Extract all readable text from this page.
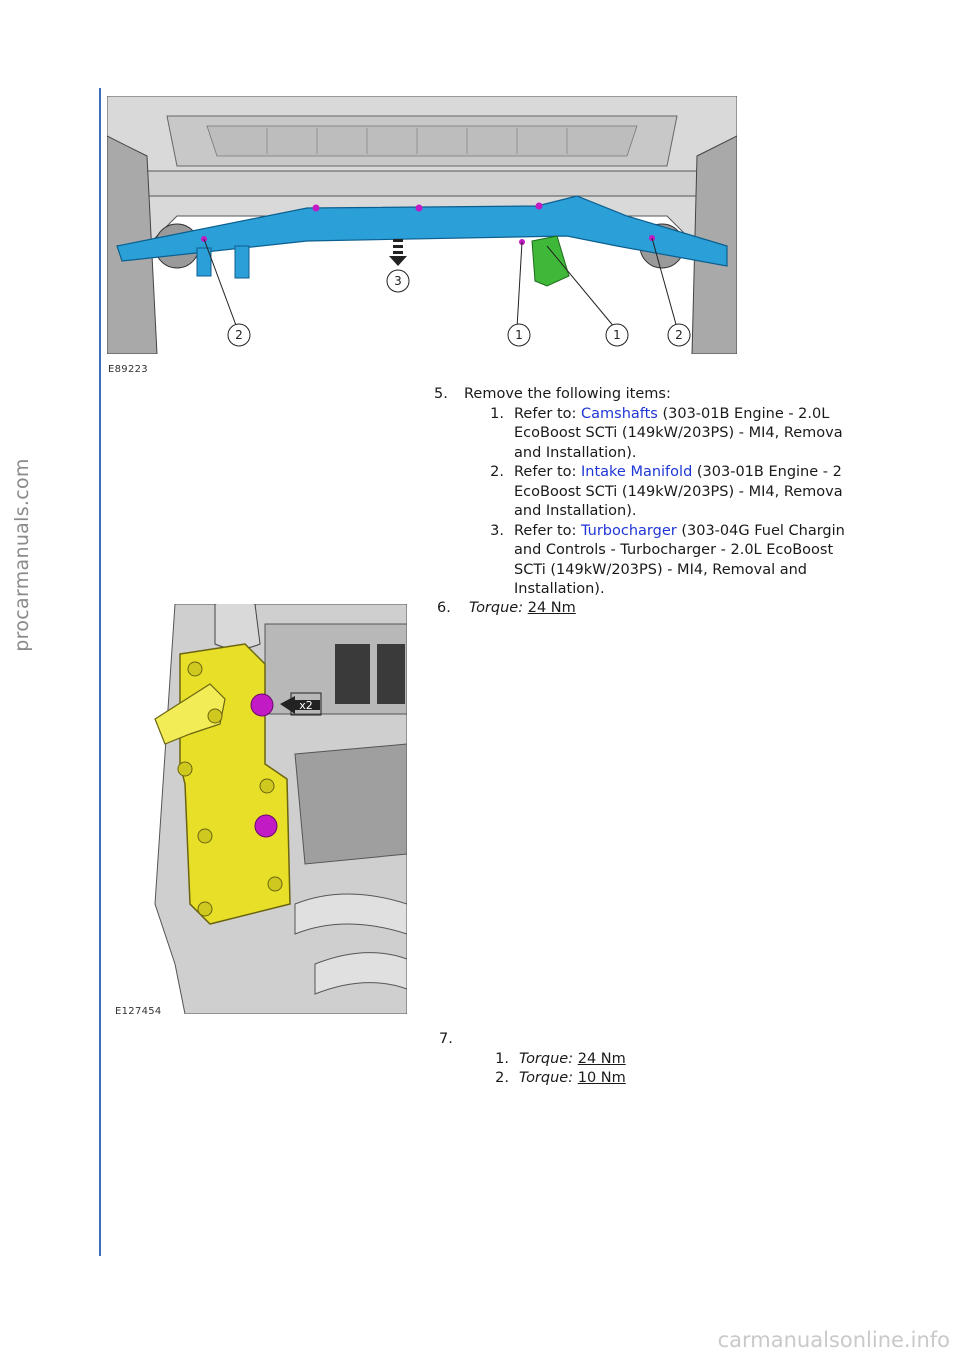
procarmanuals.com
carmanualsonline.info
3
2	1	1	2
E89223
5. Remove the following items:
1. Refer to: Camshafts (303-01B Engine - 2.0L
EcoBoost SCTi (149kW/203PS) - MI4, Remova
and Installation).
2. Refer to: Intake Manifold (303-01B Engine - 2
EcoBoost SCTi (149kW/203PS) - MI4, Remova
and Installation).
3. Refer to: Turbocharger (303-04G Fuel Chargin
and Controls - Turbocharger - 2.0L EcoBoost
SCTi (149kW/203PS) - MI4, Removal and
Installation).
x2
E127454
6. Torque: 24 Nm
7.
1. Torque: 24 Nm
2. Torque: 10 Nm
